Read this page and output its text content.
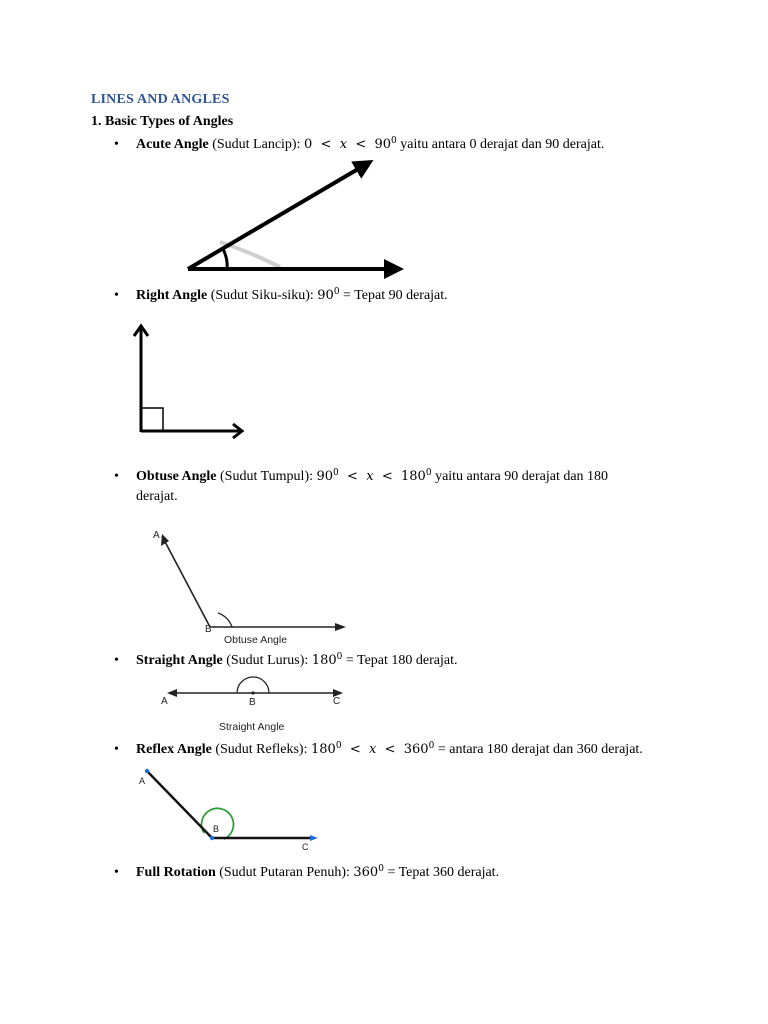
LINES AND ANGLES
1. Basic Types of Angles
• Acute Angle (Sudut Lancip): $0 < x < 90^0$ yaitu antara 0 derajat dan 90 derajat.
• Right Angle (Sudut Siku-siku): $90^0$ = Tepat 90 derajat.
• Obtuse Angle (Sudut Tumpul): $90^0 < x < 180^0$ yaitu antara 90 derajat dan 180
derajat.
A
B
Obtuse Angle
• Straight Angle (Sudut Lurus): $180^0$ = Tepat 180 derajat.
A	B	C
Straight Angle
• Reflex Angle (Sudut Refleks): $180^0 < x < 360^0$ = antara 180 derajat dan 360 derajat.
A
B
C
• Full Rotation (Sudut Putaran Penuh): $360^0$ = Tepat 360 derajat.
